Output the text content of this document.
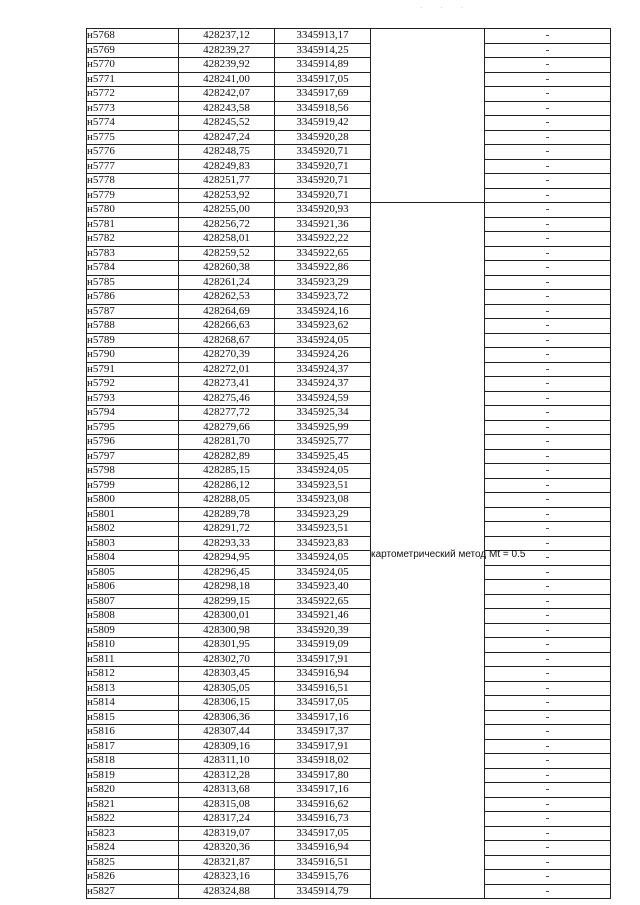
· · ·
н5768	428237,12	3345913,17		-
н5769	428239,27	3345914,25		-
н5770	428239,92	3345914,89		-
н5771	428241,00	3345917,05		-
н5772	428242,07	3345917,69		-
н5773	428243,58	3345918,56		-
н5774	428245,52	3345919,42		-
н5775	428247,24	3345920,28		-
н5776	428248,75	3345920,71		-
н5777	428249,83	3345920,71		-
н5778	428251,77	3345920,71		-
н5779	428253,92	3345920,71		-
н5780	428255,00	3345920,93	картометрический метод Mt = 0.5	-
н5781	428256,72	3345921,36		-
н5782	428258,01	3345922,22		-
н5783	428259,52	3345922,65		-
н5784	428260,38	3345922,86		-
н5785	428261,24	3345923,29		-
н5786	428262,53	3345923,72		-
н5787	428264,69	3345924,16		-
н5788	428266,63	3345923,62		-
н5789	428268,67	3345924,05		-
н5790	428270,39	3345924,26		-
н5791	428272,01	3345924,37		-
н5792	428273,41	3345924,37		-
н5793	428275,46	3345924,59		-
н5794	428277,72	3345925,34		-
н5795	428279,66	3345925,99		-
н5796	428281,70	3345925,77		-
н5797	428282,89	3345925,45		-
н5798	428285,15	3345924,05		-
н5799	428286,12	3345923,51		-
н5800	428288,05	3345923,08		-
н5801	428289,78	3345923,29		-
н5802	428291,72	3345923,51		-
н5803	428293,33	3345923,83		-
н5804	428294,95	3345924,05		-
н5805	428296,45	3345924,05		-
н5806	428298,18	3345923,40		-
н5807	428299,15	3345922,65		-
н5808	428300,01	3345921,46		-
н5809	428300,98	3345920,39		-
н5810	428301,95	3345919,09		-
н5811	428302,70	3345917,91		-
н5812	428303,45	3345916,94		-
н5813	428305,05	3345916,51		-
н5814	428306,15	3345917,05		-
н5815	428306,36	3345917,16		-
н5816	428307,44	3345917,37		-
н5817	428309,16	3345917,91		-
н5818	428311,10	3345918,02		-
н5819	428312,28	3345917,80		-
н5820	428313,68	3345917,16		-
н5821	428315,08	3345916,62		-
н5822	428317,24	3345916,73		-
н5823	428319,07	3345917,05		-
н5824	428320,36	3345916,94		-
н5825	428321,87	3345916,51		-
н5826	428323,16	3345915,76		-
н5827	428324,88	3345914,79		-
